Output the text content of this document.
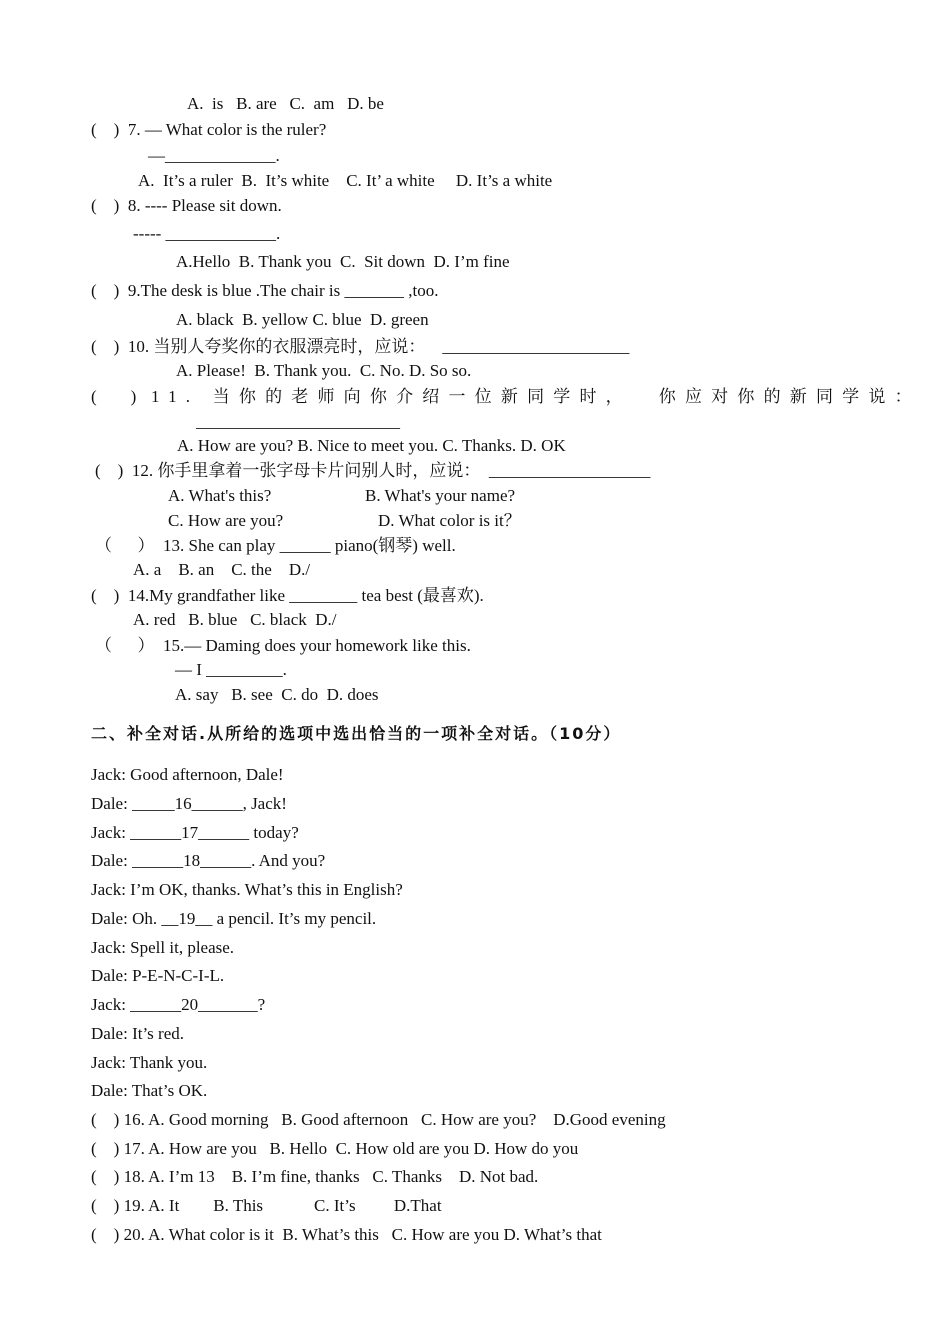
A.  is   B. are   C.  am   D. be
(    )  7. — What color is the ruler?
—_____________.
A.  It’s a ruler  B.  It’s white    C. It’ a white     D. It’s a white
(    )  8. ---- Please sit down.
----- _____________.
A.Hello  B. Thank you  C.  Sit down  D. I’m fine
(    )  9.The desk is blue .The chair is _______ ,too.
A. black  B. yellow C. blue  D. green
(    )  10. 当别人夸奖你的衣服漂亮时，应说：    ______________________
A. Please!  B. Thank you.  C. No. D. So so.
(        ) 11. 当你的老师向你介绍一位新同学时，  你应对你的新同学说：
________________________
A. How are you? B. Nice to meet you. C. Thanks. D. OK
(    )  12. 你手里拿着一张字母卡片问别人时，应说：  ___________________
A. What's this?	B. What's your name?
C. How are you?	D. What color is it？
（      ）  13. She can play ______ piano(钢琴) well.
A. a    B. an    C. the    D./
(    )  14.My grandfather like ________ tea best (最喜欢).
A. red   B. blue   C. black  D./
（      ）  15.— Daming does your homework like this.
— I _________.
A. say   B. see  C. do  D. does
二、补全对话.从所给的选项中选出恰当的一项补全对话。（10分）
Jack: Good afternoon, Dale!
Dale: _____16______, Jack!
Jack: ______17______ today?
Dale: ______18______. And you?
Jack: I’m OK, thanks. What’s this in English?
Dale: Oh. __19__ a pencil. It’s my pencil.
Jack: Spell it, please.
Dale: P-E-N-C-I-L.
Jack: ______20_______?
Dale: It’s red.
Jack: Thank you.
Dale: That’s OK.
(    ) 16. A. Good morning   B. Good afternoon   C. How are you?    D.Good evening
(    ) 17. A. How are you   B. Hello  C. How old are you D. How do you
(    ) 18. A. I’m 13    B. I’m fine, thanks   C. Thanks    D. Not bad.
(    ) 19. A. It        B. This            C. It’s         D.That
(    ) 20. A. What color is it  B. What’s this   C. How are you D. What’s that
